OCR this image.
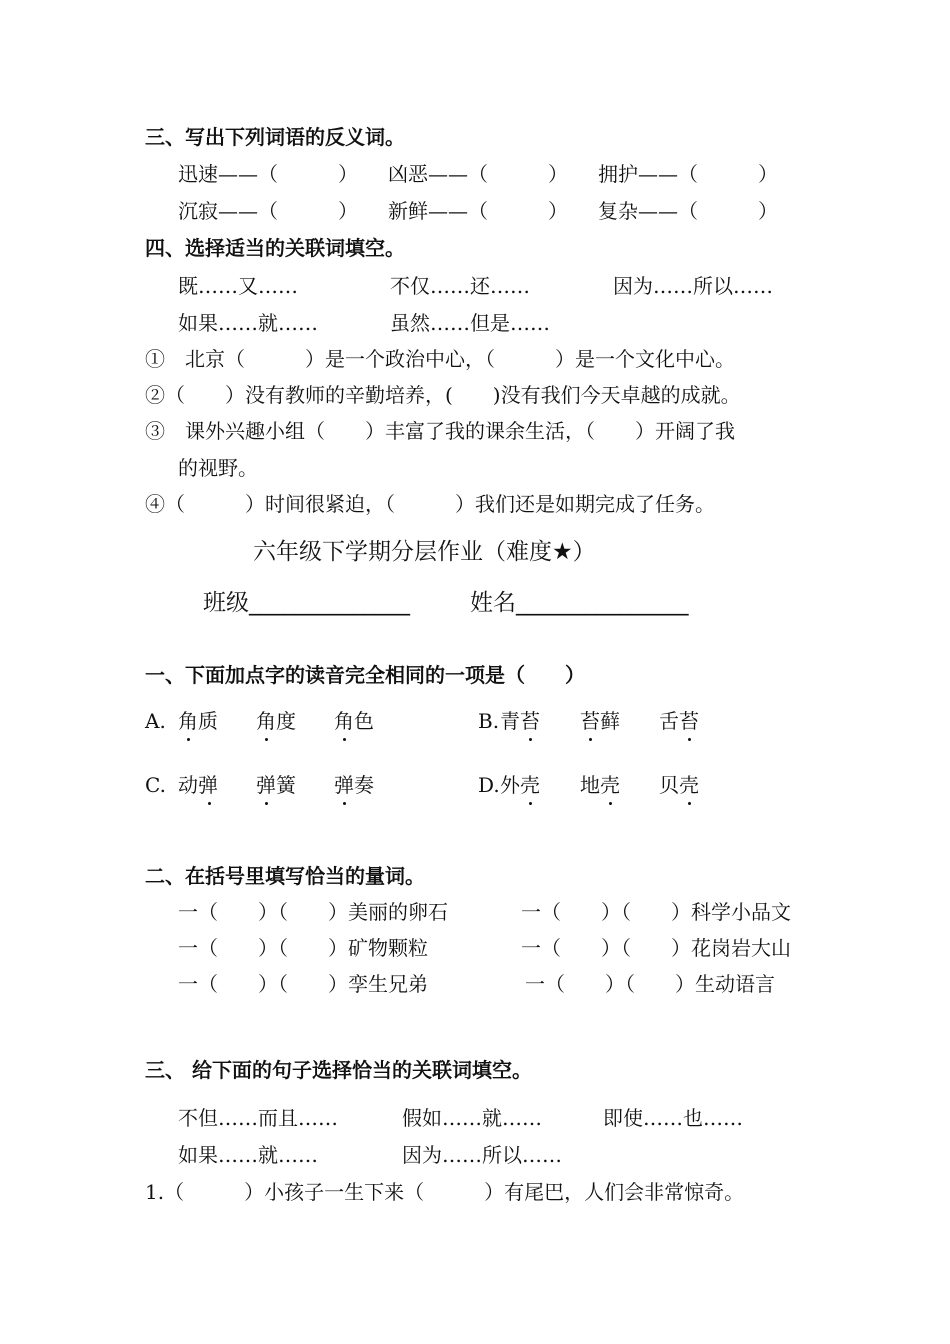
三、写出下列词语的反义词。
迅速——（　　　） 凶恶——（　　　） 拥护——（　　　）
沉寂——（　　　） 新鲜——（　　　） 复杂——（　　　）
四、选择适当的关联词填空。
既……又……	不仅……还……	因为……所以……
如果……就……	虽然……但是……
①　北京（　　　）是一个政治中心，（　　　）是一个文化中心。
②（　　）没有教师的辛勤培养，(　　)没有我们今天卓越的成就。
③　课外兴趣小组（　　）丰富了我的课余生活，（　　）开阔了我
的视野。
④（　　　）时间很紧迫，（　　　）我们还是如期完成了任务。
六年级下学期分层作业（难度★）
班级______________	姓名_______________
一、下面加点字的读音完全相同的一项是（　　）
A. 角质 角度 角色	B. 青苔 苔藓 舌苔
C. 动弹 弹簧 弹奏	D. 外壳 地壳 贝壳
二、在括号里填写恰当的量词。
一（　　）（　　）美丽的卵石	一（　　）（　　）科学小品文
一（　　）（　　）矿物颗粒	一（　　）（　　）花岗岩大山
一（　　）（　　）孪生兄弟	一（　　）（　　）生动语言
三、 给下面的句子选择恰当的关联词填空。
不但……而且……	假如……就……	即使……也……
如果……就……	因为……所以……
1.（　　　）小孩子一生下来（　　　）有尾巴，人们会非常惊奇。
